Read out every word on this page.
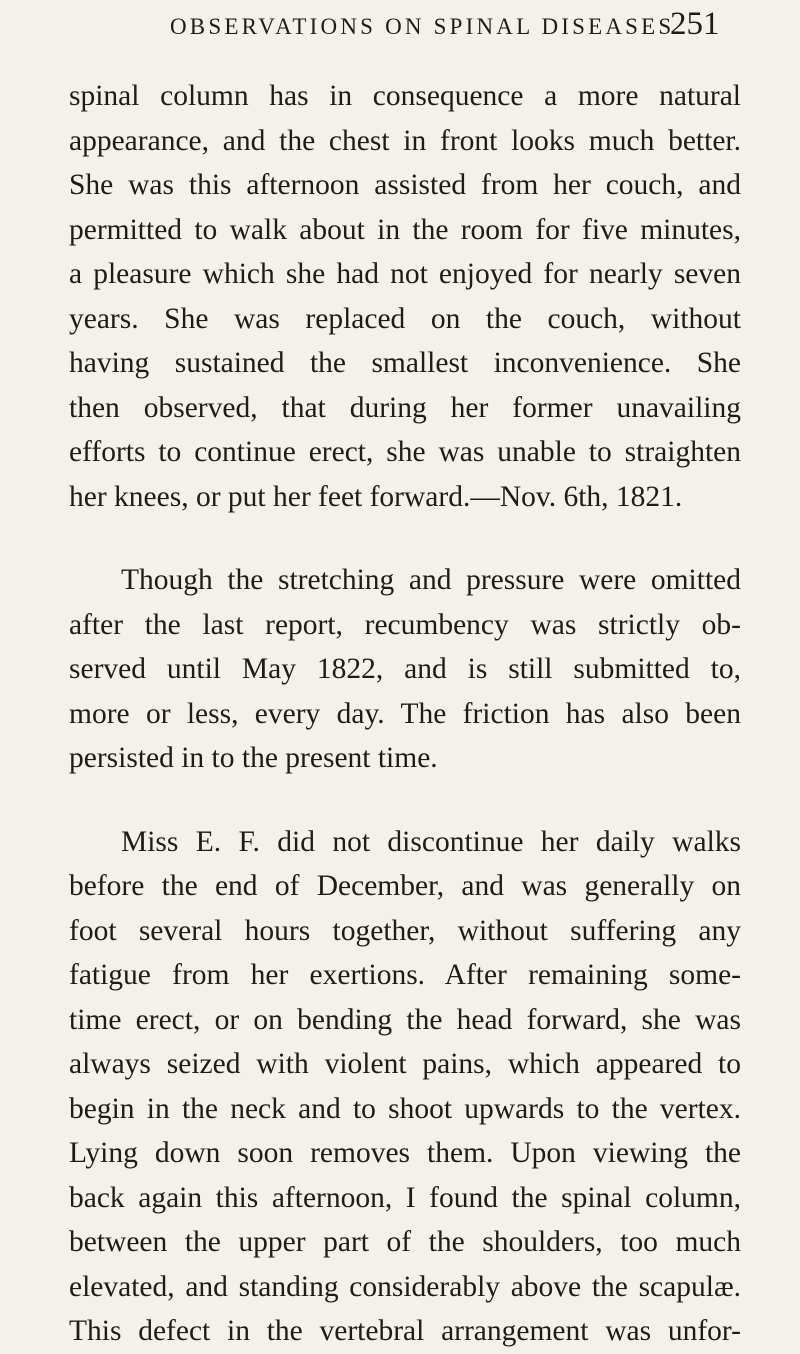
OBSERVATIONS ON SPINAL DISEASES.
251
spinal column has in consequence a more natural
appearance, and the chest in front looks much better.
She was this afternoon assisted from her couch, and
permitted to walk about in the room for five minutes,
a pleasure which she had not enjoyed for nearly seven
years. She was replaced on the couch, without
having sustained the smallest inconvenience. She
then observed, that during her former unavailing
efforts to continue erect, she was unable to straighten
her knees, or put her feet forward.—Nov. 6th, 1821.
Though the stretching and pressure were omitted
after the last report, recumbency was strictly ob-
served until May 1822, and is still submitted to,
more or less, every day. The friction has also been
persisted in to the present time.
Miss E. F. did not discontinue her daily walks
before the end of December, and was generally on
foot several hours together, without suffering any
fatigue from her exertions. After remaining some-
time erect, or on bending the head forward, she was
always seized with violent pains, which appeared to
begin in the neck and to shoot upwards to the vertex.
Lying down soon removes them. Upon viewing the
back again this afternoon, I found the spinal column,
between the upper part of the shoulders, too much
elevated, and standing considerably above the scapulæ.
This defect in the vertebral arrangement was unfor-
